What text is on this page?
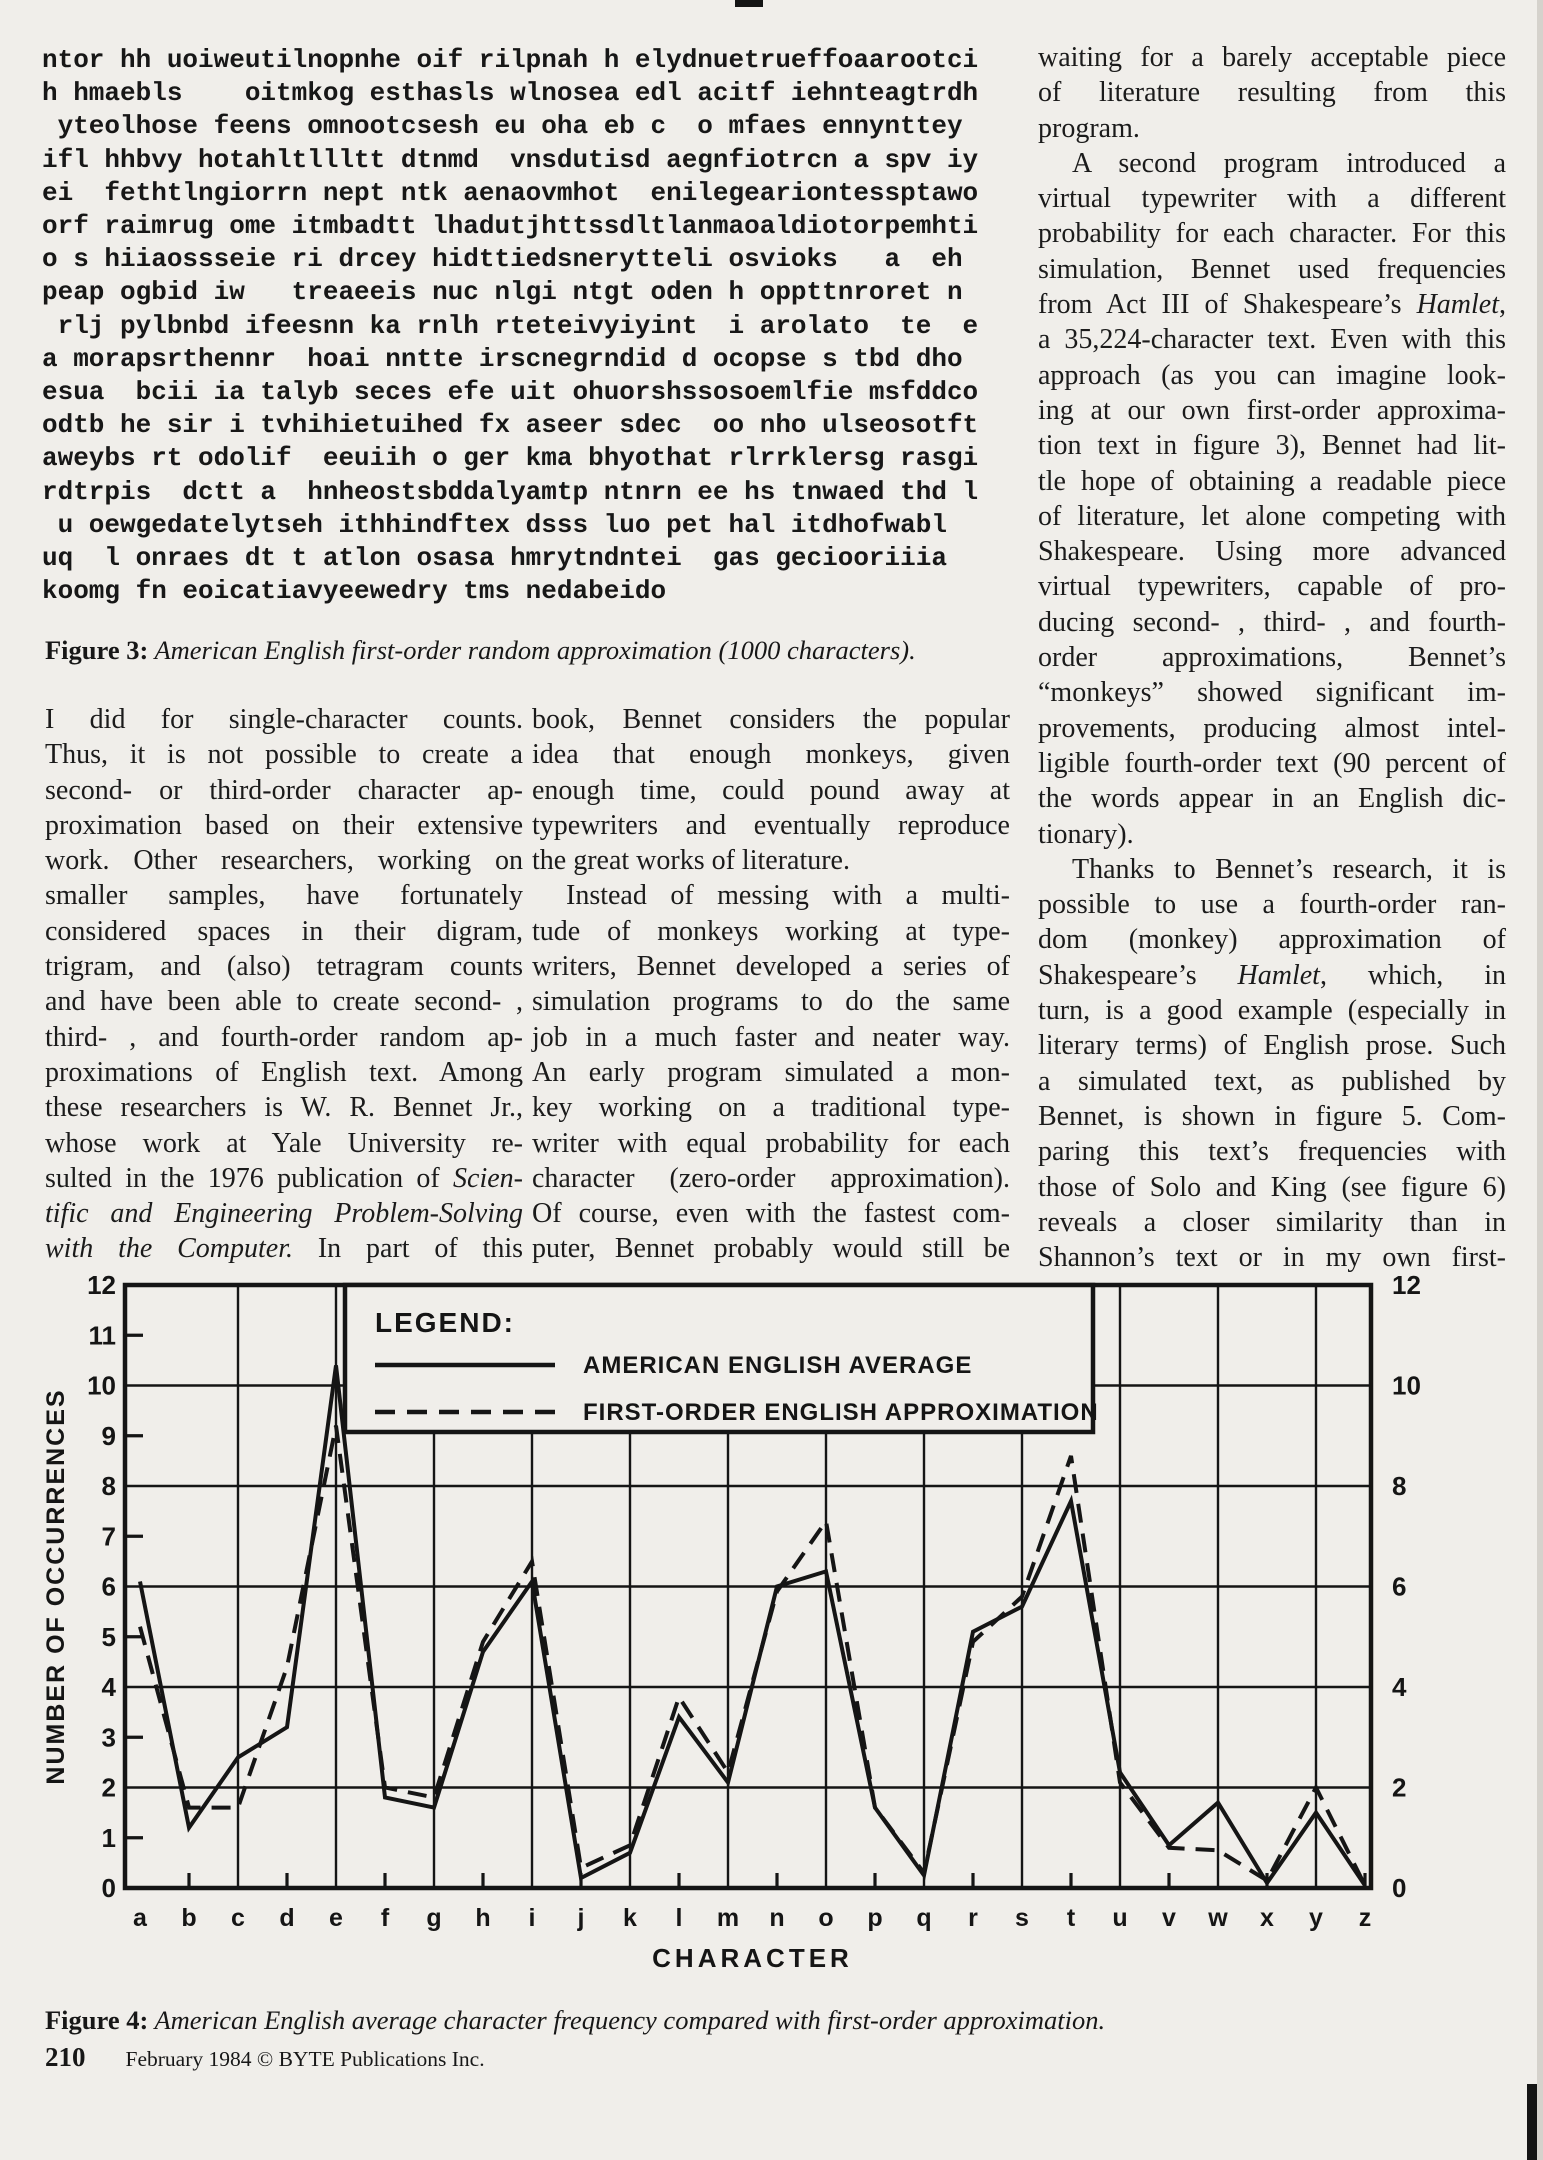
ntor hh uoiweutilnopnhe oif rilpnah h elydnuetrueffoaarootci
h hmaebls    oitmkog esthasls wlnosea edl acitf iehnteagtrdh
yteolhose feens omnootcsesh eu oha eb c  o mfaes ennynttey
ifl hhbvy hotahltllltt dtnmd  vnsdutisd aegnfiotrcn a spv iy
ei  fethtlngiorrn nept ntk aenaovmhot  enilegeariontessptawo
orf raimrug ome itmbadtt lhadutjhttssdltlanmaoaldiotorpemhti
o s hiiaossseie ri drcey hidttiedsnerytteli osvioks   a  eh
peap ogbid iw   treaeeis nuc nlgi ntgt oden h oppttnroret n
rlj pylbnbd ifeesnn ka rnlh rteteivyiyint  i arolato  te  e
a morapsrthennr  hoai nntte irscnegrndid d ocopse s tbd dho
esua  bcii ia talyb seces efe uit ohuorshssosoemlfie msfddco
odtb he sir i tvhihietuihed fx aseer sdec  oo nho ulseosotft
aweybs rt odolif  eeuiih o ger kma bhyothat rlrrklersg rasgi
rdtrpis  dctt a  hnheostsbddalyamtp ntnrn ee hs tnwaed thd l
u oewgedatelytseh ithhindftex dsss luo pet hal itdhofwabl
uq  l onraes dt t atlon osasa hmrytndntei  gas geciooriiia
koomg fn eoicatiavyeewedry tms nedabeido

Figure 3: American English first-order random approximation (1000 characters).

I did for single-character counts.
Thus, it is not possible to create a
second- or third-order character ap-
proximation based on their extensive
work. Other researchers, working on
smaller samples, have fortunately
considered spaces in their digram,
trigram, and (also) tetragram counts
and have been able to create second- ,
third- , and fourth-order random ap-
proximations of English text. Among
these researchers is W. R. Bennet Jr.,
whose work at Yale University re-
sulted in the 1976 publication of Scien-
tific and Engineering Problem-Solving
with the Computer. In part of this
book, Bennet considers the popular
idea that enough monkeys, given
enough time, could pound away at
typewriters and eventually reproduce
the great works of literature.
Instead of messing with a multi-
tude of monkeys working at type-
writers, Bennet developed a series of
simulation programs to do the same
job in a much faster and neater way.
An early program simulated a mon-
key working on a traditional type-
writer with equal probability for each
character (zero-order approximation).
Of course, even with the fastest com-
puter, Bennet probably would still be
waiting for a barely acceptable piece
of literature resulting from this
program.
A second program introduced a
virtual typewriter with a different
probability for each character. For this
simulation, Bennet used frequencies
from Act III of Shakespeare’s Hamlet,
a 35,224-character text. Even with this
approach (as you can imagine look-
ing at our own first-order approxima-
tion text in figure 3), Bennet had lit-
tle hope of obtaining a readable piece
of literature, let alone competing with
Shakespeare. Using more advanced
virtual typewriters, capable of pro-
ducing second- , third- , and fourth-
order approximations, Bennet’s
“monkeys” showed significant im-
provements, producing almost intel-
ligible fourth-order text (90 percent of
the words appear in an English dic-
tionary).
Thanks to Bennet’s research, it is
possible to use a fourth-order ran-
dom (monkey) approximation of
Shakespeare’s Hamlet, which, in
turn, is a good example (especially in
literary terms) of English prose. Such
a simulated text, as published by
Bennet, is shown in figure 5. Com-
paring this text’s frequencies with
those of Solo and King (see figure 6)
reveals a closer similarity than in
Shannon’s text or in my own first-
LEGEND:
AMERICAN ENGLISH AVERAGE
FIRST-ORDER ENGLISH APPROXIMATION
0
1
2
3
4
5
6
7
8
9
10
11
12
0
2
4
6
8
10
12
a b c d e f g h i j k l m n o p q r s t u v w x y z
CHARACTER
NUMBER OF OCCURRENCES

Figure 4: American English average character frequency compared with first-order approximation.

210 February 1984 © BYTE Publications Inc.
